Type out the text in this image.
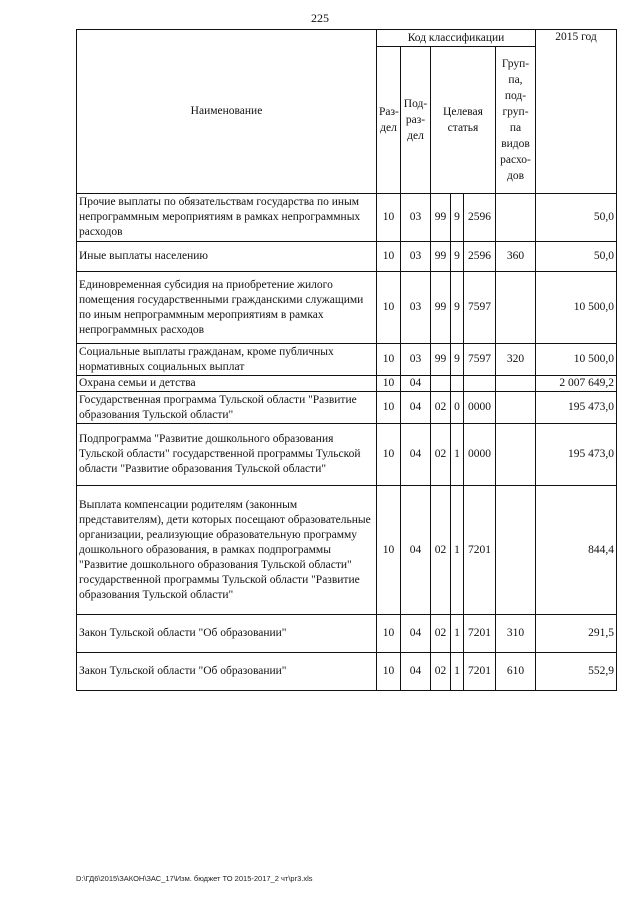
225
Наименование	Код классификации						2015 год
	Раз-дел	Под-раз-дел	Целевая статья			Груп-па, под-груп-па видов расхо-дов	
Прочие выплаты по обязательствам государства по иным непрограммным мероприятиям в рамках непрограммных расходов	10	03	99	9	2596		50,0
Иные выплаты населению	10	03	99	9	2596	360	50,0
Единовременная субсидия на приобретение жилого помещения государственными гражданскими служащими по иным непрограммным мероприятиям в рамках непрограммных расходов	10	03	99	9	7597		10 500,0
Социальные выплаты гражданам, кроме публичных нормативных социальных выплат	10	03	99	9	7597	320	10 500,0
Охрана семьи и детства	10	04					2 007 649,2
Государственная программа Тульской области "Развитие образования Тульской области"	10	04	02	0	0000		195 473,0
Подпрограмма "Развитие дошкольного образования Тульской области" государственной программы Тульской области "Развитие образования Тульской области"	10	04	02	1	0000		195 473,0
Выплата компенсации родителям (законным представителям), дети которых посещают образовательные организации, реализующие образовательную программу дошкольного образования, в рамках подпрограммы "Развитие дошкольного образования Тульской области" государственной программы Тульской области "Развитие образования Тульской области"	10	04	02	1	7201		844,4
Закон Тульской области "Об образовании"	10	04	02	1	7201	310	291,5
Закон Тульской области "Об образовании"	10	04	02	1	7201	610	552,9
D:\ГД6\2015\ЗАКОН\ЗАС_17\Изм. бюджет ТО 2015-2017_2 чт\pr3.xls
